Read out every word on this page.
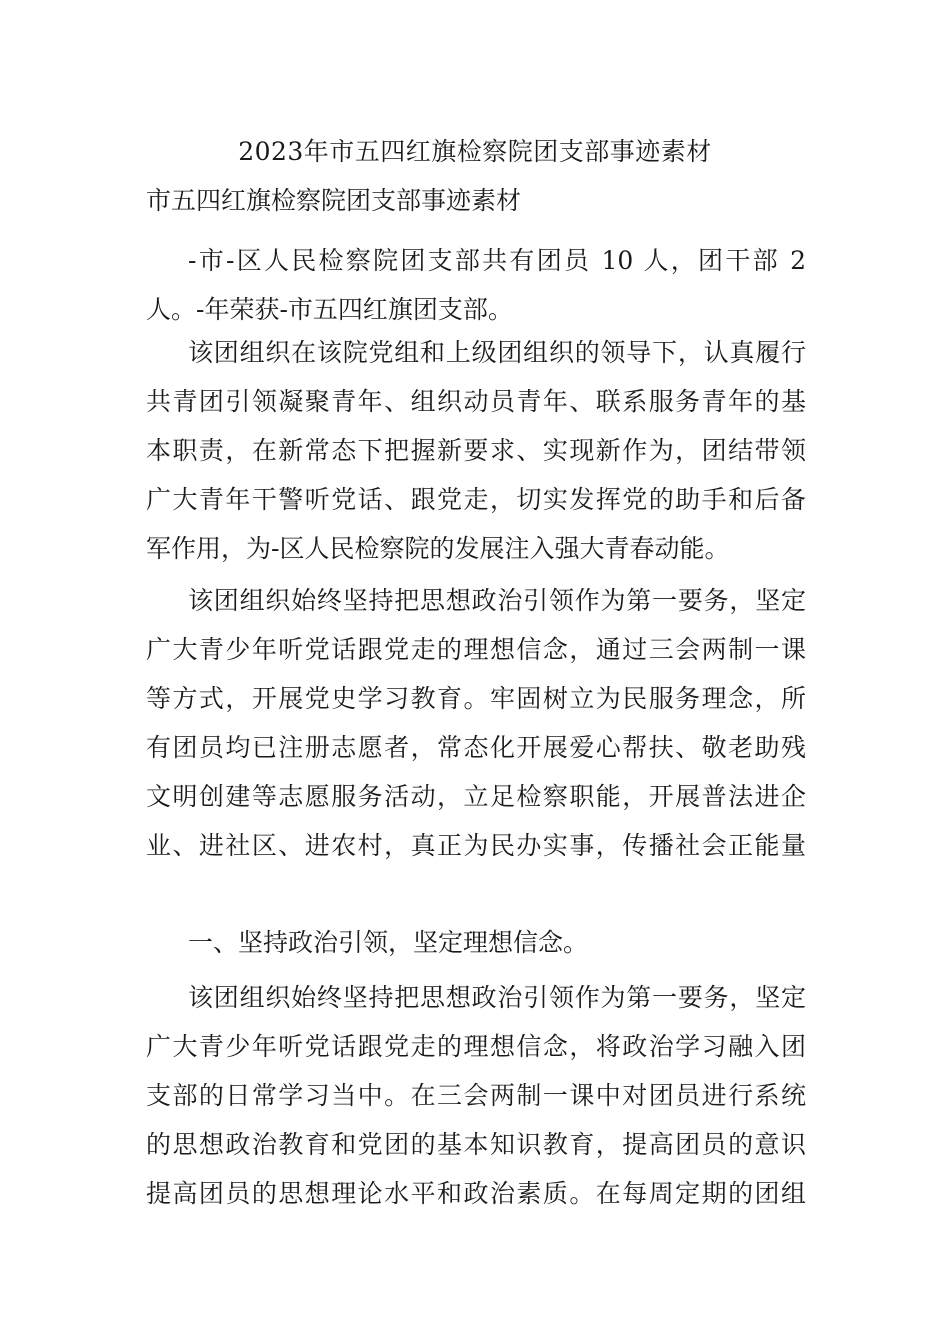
2023年市五四红旗检察院团支部事迹素材
市五四红旗检察院团支部事迹素材
-市-区人民检察院团支部共有团员 10 人，团干部 2
人。-年荣获-市五四红旗团支部。
该团组织在该院党组和上级团组织的领导下，认真履行
共青团引领凝聚青年、组织动员青年、联系服务青年的基
本职责，在新常态下把握新要求、实现新作为，团结带领
广大青年干警听党话、跟党走，切实发挥党的助手和后备
军作用，为-区人民检察院的发展注入强大青春动能。
该团组织始终坚持把思想政治引领作为第一要务，坚定
广大青少年听党话跟党走的理想信念，通过三会两制一课
等方式，开展党史学习教育。牢固树立为民服务理念，所
有团员均已注册志愿者，常态化开展爱心帮扶、敬老助残
文明创建等志愿服务活动，立足检察职能，开展普法进企
业、进社区、进农村，真正为民办实事，传播社会正能量
一、坚持政治引领，坚定理想信念。
该团组织始终坚持把思想政治引领作为第一要务，坚定
广大青少年听党话跟党走的理想信念，将政治学习融入团
支部的日常学习当中。在三会两制一课中对团员进行系统
的思想政治教育和党团的基本知识教育，提高团员的意识
提高团员的思想理论水平和政治素质。在每周定期的团组
